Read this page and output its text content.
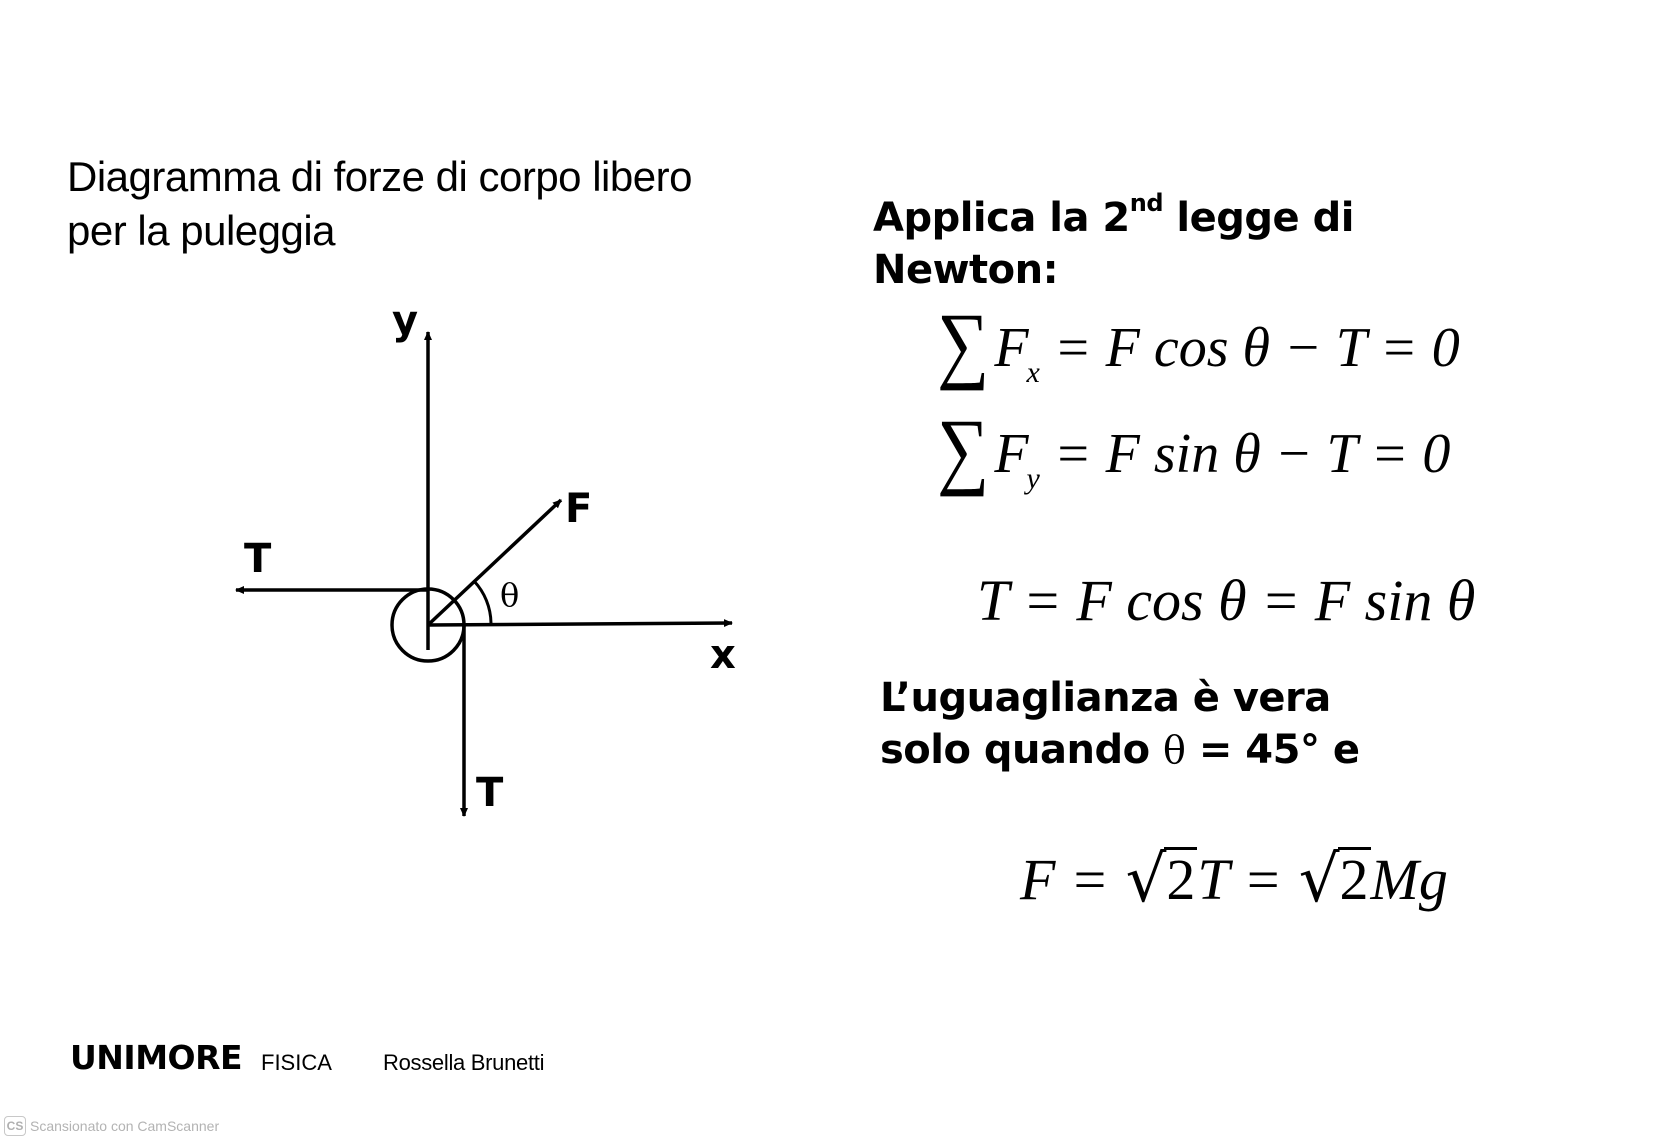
Diagramma di forze di corpo libero
per la puleggia
y
x
F
T
T
θ
Applica la 2nd legge di
Newton:
$\sum F_x = F$ cos θ − T = 0
$\sum F_y = F$ sin θ − T = 0
T = F cos θ = F sin θ
L’uguaglianza è vera
solo quando θ = 45° e
F = √2T = √2Mg
UNIMORE FISICA Rossella Brunetti
CS Scansionato con CamScanner
